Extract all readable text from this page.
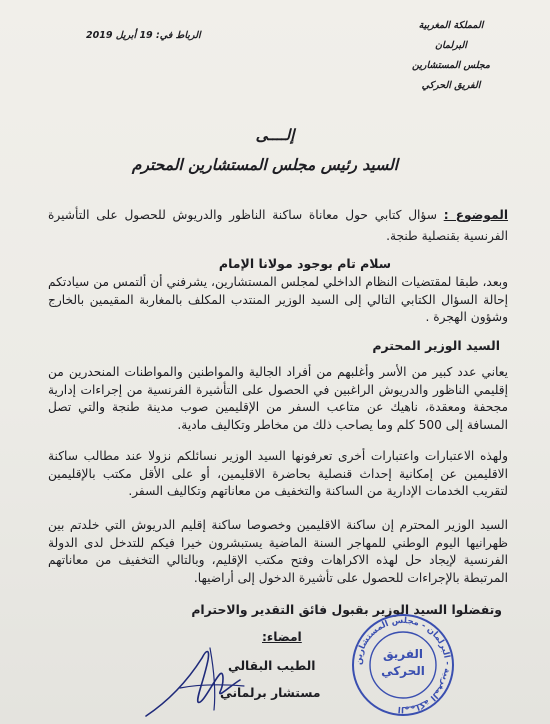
المملكة المغربية
البرلمان
مجلس المستشارين
الفريق الحركي
الرباط في: 19 أبريل 2019
إلــــى
السيد رئيس مجلس المستشارين المحترم
الموضوع : سؤال كتابي حول معاناة ساكنة الناظور والدريوش للحصول على التأشيرة الفرنسية بقنصلية طنجة.
سلام تام بوجود مولانا الإمام
وبعد، طبقا لمقتضيات النظام الداخلي لمجلس المستشارين، يشرفني أن ألتمس من سيادتكم إحالة السؤال الكتابي التالي إلى السيد الوزير المنتدب المكلف بالمغاربة المقيمين بالخارج وشؤون الهجرة .
السيد الوزير المحترم
يعاني عدد كبير من الأسر وأغلبهم من أفراد الجالية والمواطنين والمواطنات المنحدرين من إقليمي الناظور والدريوش الراغبين في الحصول على التأشيرة الفرنسية من إجراءات إدارية مجحفة ومعقدة، ناهيك عن متاعب السفر من الإقليمين صوب مدينة طنجة والتي تصل المسافة إلى 500 كلم وما يصاحب ذلك من مخاطر وتكاليف مادية.
ولهذه الاعتبارات واعتبارات أخرى تعرفونها السيد الوزير نسائلكم نزولا عند مطالب ساكنة الاقليمين عن إمكانية إحداث قنصلية بحاضرة الاقليمين، أو على الأقل مكتب بالإقليمين لتقريب الخدمات الإدارية من الساكنة والتخفيف من معاناتهم وتكاليف السفر.
السيد الوزير المحترم إن ساكنة الاقليمين وخصوصا ساكنة إقليم الدريوش التي خلدتم بين ظهرانيها اليوم الوطني للمهاجر السنة الماضية يستبشرون خيرا فيكم للتدخل لدى الدولة الفرنسية لإيجاد حل لهذه الاكراهات وفتح مكتب الإقليم، وبالتالي التخفيف من معاناتهم المرتبطة بالإجراءات للحصول على تأشيرة الدخول إلى أراضيها.
وتفضلوا السيد الوزير بقبول فائق التقدير والاحترام
امضاء:
الطيب البقالي
مستشار برلماني
المملكة المغربية - البرلمان - مجلس المستشارين
الفريق
الحركي
